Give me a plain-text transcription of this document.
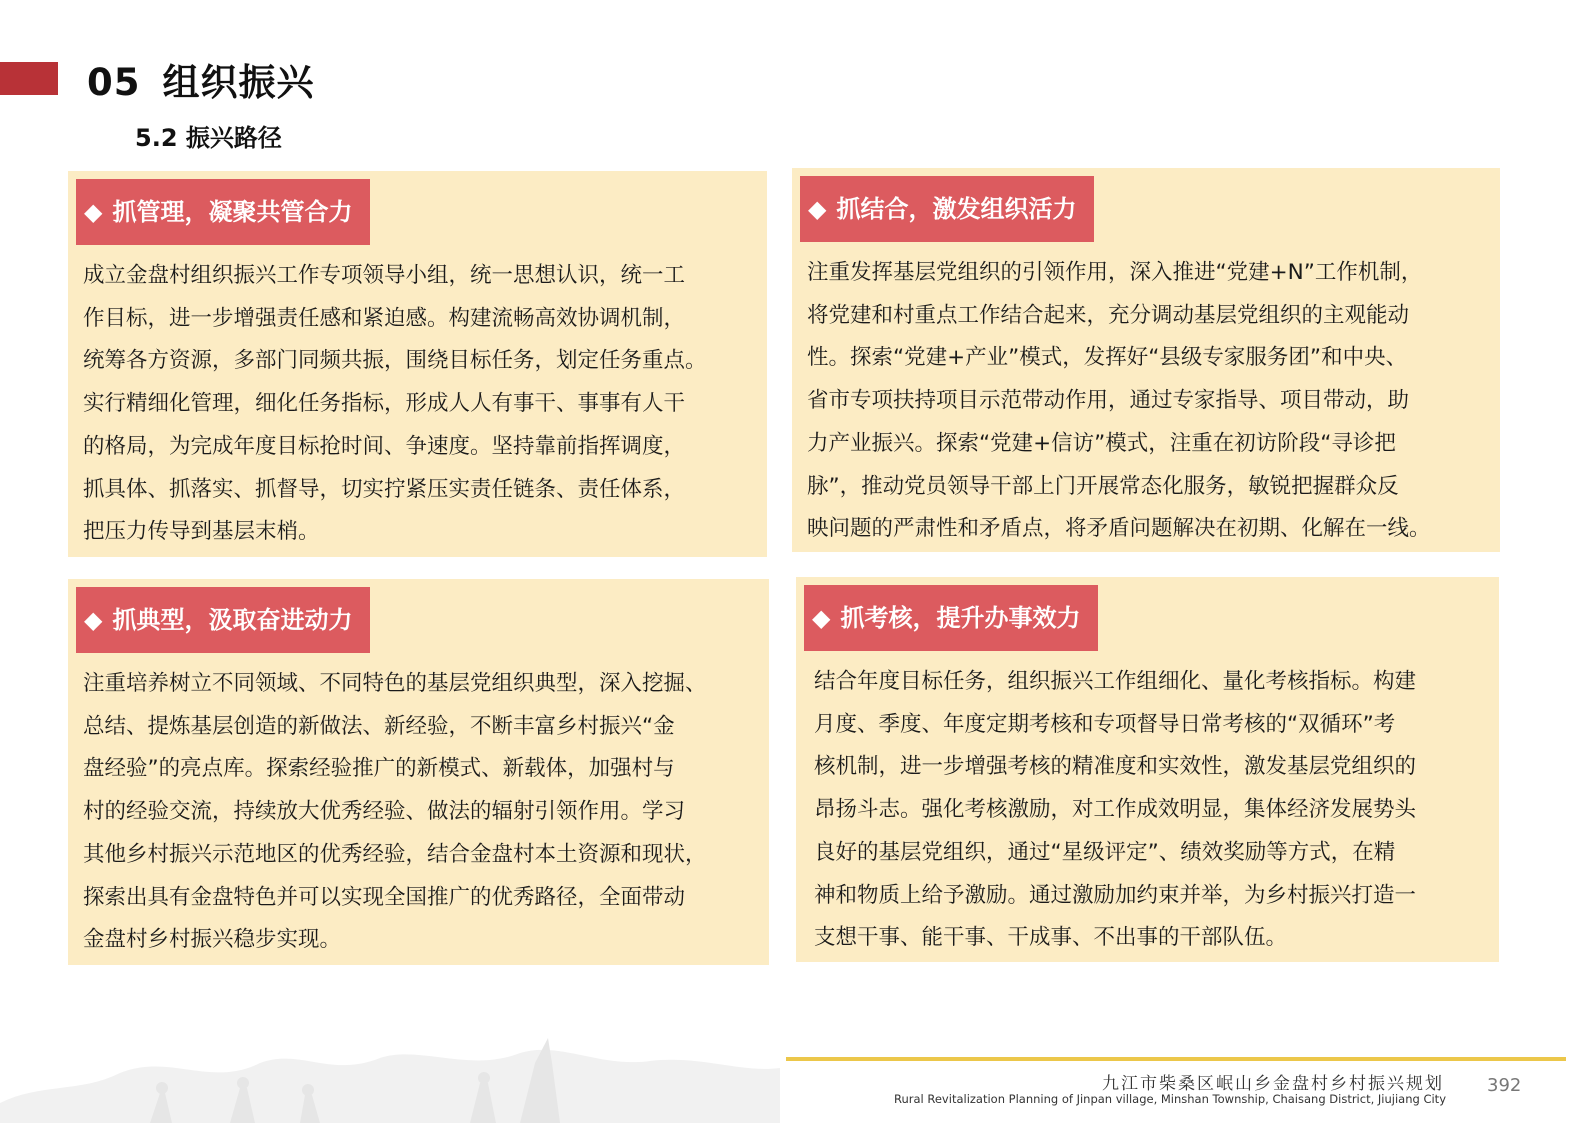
05 组织振兴
5.2 振兴路径
◆ 抓管理，凝聚共管合力

成立金盘村组织振兴工作专项领导小组，统一思想认识，统一工

作目标，进一步增强责任感和紧迫感。构建流畅高效协调机制，

统筹各方资源，多部门同频共振，围绕目标任务，划定任务重点。

实行精细化管理，细化任务指标，形成人人有事干、事事有人干

的格局，为完成年度目标抢时间、争速度。坚持靠前指挥调度，

抓具体、抓落实、抓督导，切实拧紧压实责任链条、责任体系，

把压力传导到基层末梢。

◆ 抓结合，激发组织活力

注重发挥基层党组织的引领作用，深入推进“党建+N”工作机制，

将党建和村重点工作结合起来，充分调动基层党组织的主观能动

性。探索“党建+产业”模式，发挥好“县级专家服务团”和中央、

省市专项扶持项目示范带动作用，通过专家指导、项目带动，助

力产业振兴。探索“党建+信访”模式，注重在初访阶段“寻诊把

脉”，推动党员领导干部上门开展常态化服务，敏锐把握群众反

映问题的严肃性和矛盾点，将矛盾问题解决在初期、化解在一线。

◆ 抓典型，汲取奋进动力

注重培养树立不同领域、不同特色的基层党组织典型，深入挖掘、

总结、提炼基层创造的新做法、新经验，不断丰富乡村振兴“金

盘经验”的亮点库。探索经验推广的新模式、新载体，加强村与

村的经验交流，持续放大优秀经验、做法的辐射引领作用。学习

其他乡村振兴示范地区的优秀经验，结合金盘村本土资源和现状，

探索出具有金盘特色并可以实现全国推广的优秀路径，全面带动

金盘村乡村振兴稳步实现。

◆ 抓考核，提升办事效力

结合年度目标任务，组织振兴工作组细化、量化考核指标。构建

月度、季度、年度定期考核和专项督导日常考核的“双循环”考

核机制，进一步增强考核的精准度和实效性，激发基层党组织的

昂扬斗志。强化考核激励，对工作成效明显，集体经济发展势头

良好的基层党组织，通过“星级评定”、绩效奖励等方式，在精

神和物质上给予激励。通过激励加约束并举，为乡村振兴打造一

支想干事、能干事、干成事、不出事的干部队伍。

九江市柴桑区岷山乡金盘村乡村振兴规划
Rural Revitalization Planning of Jinpan village, Minshan Township, Chaisang District, Jiujiang City
392
